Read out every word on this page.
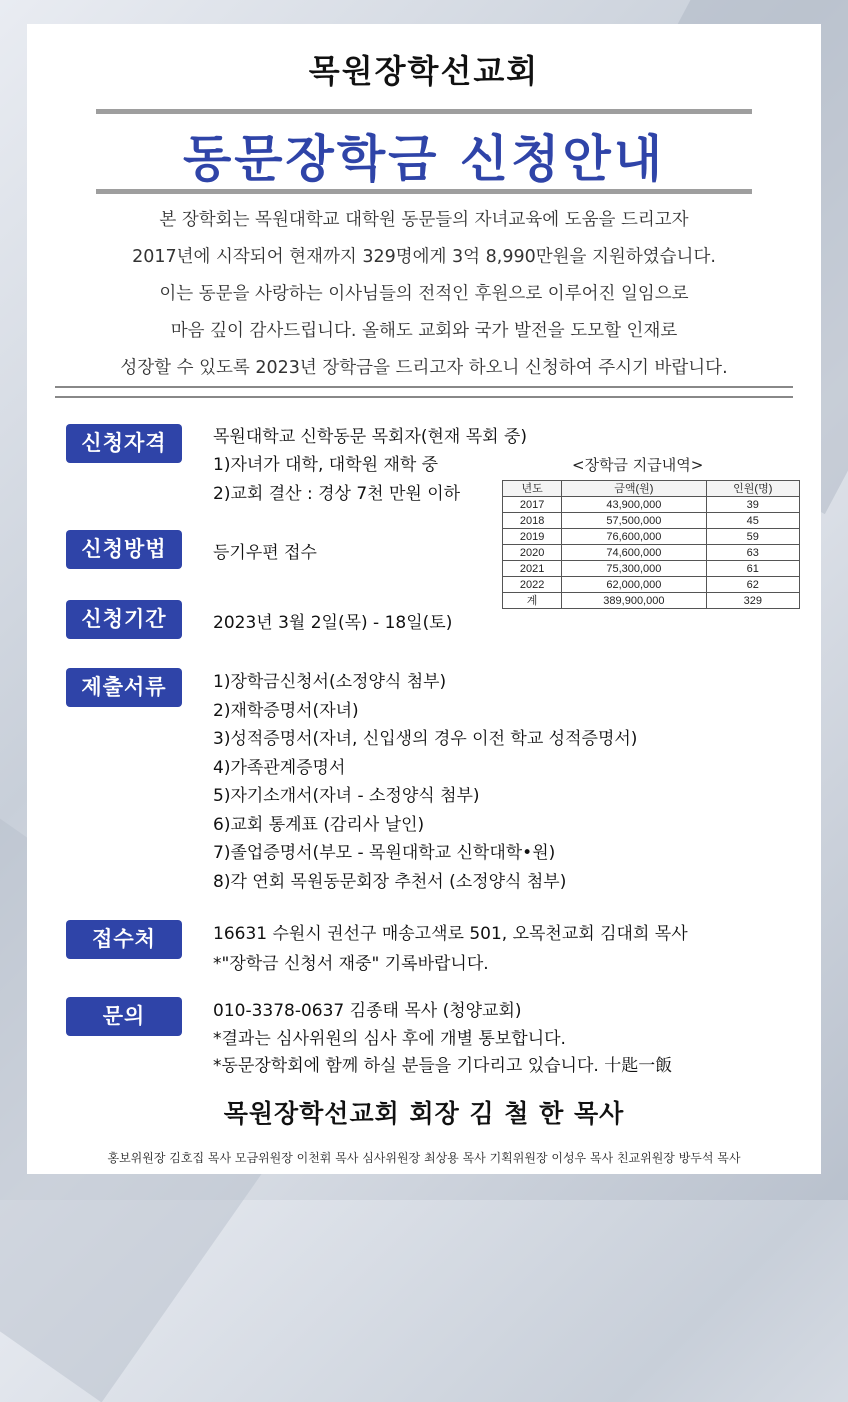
목원장학선교회
동문장학금 신청안내
본 장학회는 목원대학교 대학원 동문들의 자녀교육에 도움을 드리고자
2017년에 시작되어 현재까지 329명에게 3억 8,990만원을 지원하였습니다.
이는 동문을 사랑하는 이사님들의 전적인 후원으로 이루어진 일임으로
마음 깊이 감사드립니다. 올해도 교회와 국가 발전을 도모할 인재로
성장할 수 있도록 2023년 장학금을 드리고자 하오니 신청하여 주시기 바랍니다.
신청자격	목원대학교 신학동문 목회자(현재 목회 중)
1)자녀가 대학, 대학원 재학 중
2)교회 결산 : 경상 7천 만원 이하
<장학금 지급내역>
년도	금액(원)	인원(명)
2017	43,900,000	39
2018	57,500,000	45
2019	76,600,000	59
2020	74,600,000	63
2021	75,300,000	61
2022	62,000,000	62
계	389,900,000	329
신청방법	등기우편 접수
신청기간	2023년 3월 2일(목) - 18일(토)
제출서류	1)장학금신청서(소정양식 첨부)
2)재학증명서(자녀)
3)성적증명서(자녀, 신입생의 경우 이전 학교 성적증명서)
4)가족관계증명서
5)자기소개서(자녀 - 소정양식 첨부)
6)교회 통계표 (감리사 날인)
7)졸업증명서(부모 - 목원대학교 신학대학•원)
8)각 연회 목원동문회장 추천서 (소정양식 첨부)
접수처	16631 수원시 권선구 매송고색로 501, 오목천교회 김대희 목사
*"장학금 신청서 재중" 기록바랍니다.
문의	010-3378-0637 김종태 목사 (청양교회)
*결과는 심사위원의 심사 후에 개별 통보합니다.
*동문장학회에 함께 하실 분들을 기다리고 있습니다. 十匙一飯
목원장학선교회 회장 김 철 한 목사
홍보위원장 김호집 목사 모금위원장 이천휘 목사 심사위원장 최상용 목사 기획위원장 이성우 목사 친교위원장 방두석 목사
